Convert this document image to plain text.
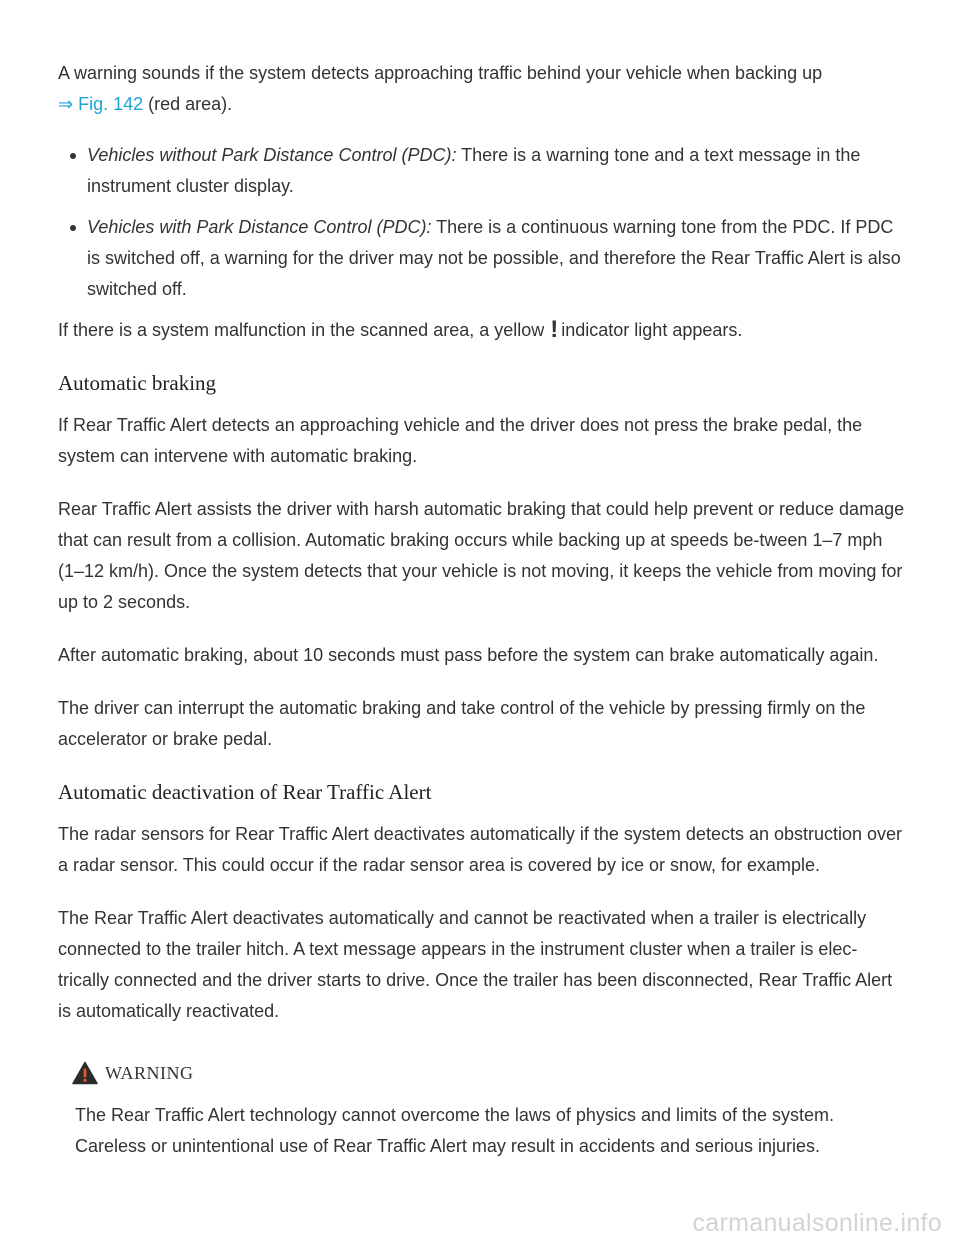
A warning sounds if the system detects approaching traffic behind your vehicle when backing up
⇒ Fig. 142 (red area).

Vehicles without Park Distance Control (PDC): There is a warning tone and a text message in the instrument cluster display.
Vehicles with Park Distance Control (PDC): There is a continuous warning tone from the PDC. If PDC is switched off, a warning for the driver may not be possible, and therefore the Rear Traffic Alert is also switched off.

If there is a system malfunction in the scanned area, a yellow ! indicator light appears.

Automatic braking

If Rear Traffic Alert detects an approaching vehicle and the driver does not press the brake pedal, the system can intervene with automatic braking.

Rear Traffic Alert assists the driver with harsh automatic braking that could help prevent or reduce damage that can result from a collision. Automatic braking occurs while backing up at speeds be-tween 1–7 mph (1–12 km/h). Once the system detects that your vehicle is not moving, it keeps the vehicle from moving for up to 2 seconds.

After automatic braking, about 10 seconds must pass before the system can brake automatically again.

The driver can interrupt the automatic braking and take control of the vehicle by pressing firmly on the accelerator or brake pedal.

Automatic deactivation of Rear Traffic Alert

The radar sensors for Rear Traffic Alert deactivates automatically if the system detects an obstruction over a radar sensor. This could occur if the radar sensor area is covered by ice or snow, for example.

The Rear Traffic Alert deactivates automatically and cannot be reactivated when a trailer is electrically connected to the trailer hitch. A text message appears in the instrument cluster when a trailer is elec-trically connected and the driver starts to drive. Once the trailer has been disconnected, Rear Traffic Alert is automatically reactivated.

WARNING

The Rear Traffic Alert technology cannot overcome the laws of physics and limits of the system. Careless or unintentional use of Rear Traffic Alert may result in accidents and serious injuries.

carmanualsonline.info
